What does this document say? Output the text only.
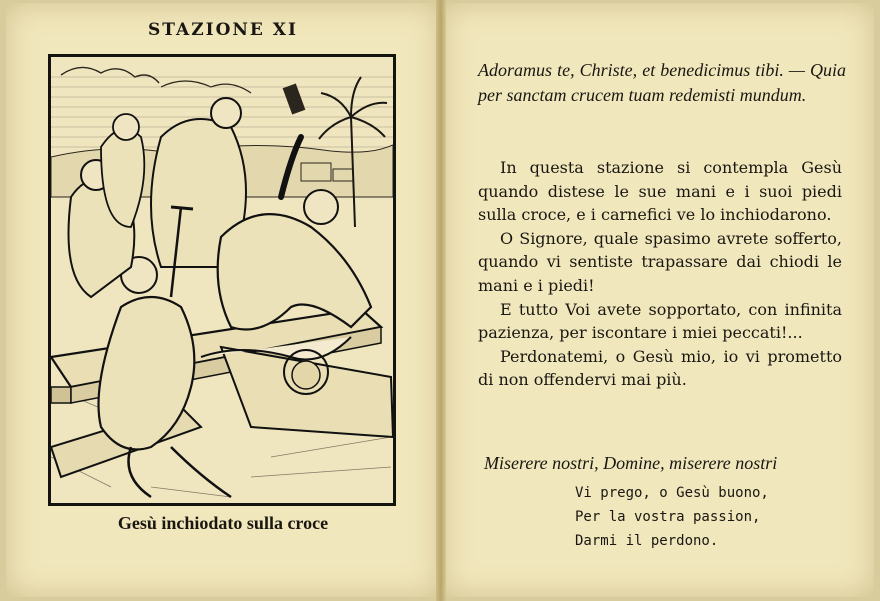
STAZIONE XI
Gesù inchiodato sulla croce
Adoramus te, Christe, et benedicimus tibi. — Quia per sanctam crucem tuam redemisti mundum.

In questa stazione si contempla Gesù quando distese le sue mani e i suoi piedi sulla croce, e i carnefici ve lo inchiodarono.

O Signore, quale spasimo avrete sofferto, quando vi sentiste trapassare dai chiodi le mani e i piedi!

E tutto Voi avete sopportato, con infinita pazienza, per iscontare i miei peccati!...

Perdonatemi, o Gesù mio, io vi prometto di non offendervi mai più.

Miserere nostri, Domine, miserere nostri
Vi prego, o Gesù buono,
Per la vostra passion,
Darmi il perdono.
